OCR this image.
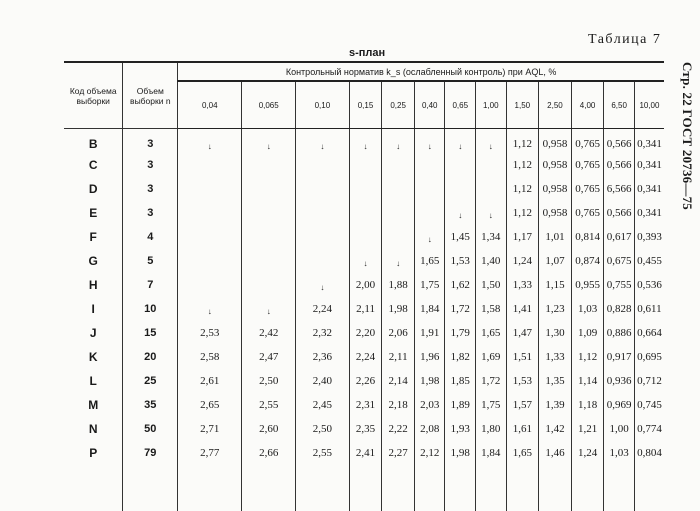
Стр. 22 ГОСТ 20736—75
Таблица 7
s-план
Код объема выборки	Объем выборки n	Контрольный норматив k_s (ослабленный контроль) при AQL, %												
		0,04	0,065	0,10	0,15	0,25	0,40	0,65	1,00	1,50	2,50	4,00	6,50	10,00
B	3	↓	↓	↓	↓	↓	↓	↓	↓	1,12	0,958	0,765	0,566	0,341
C	3									1,12	0,958	0,765	0,566	0,341
D	3									1,12	0,958	0,765	6,566	0,341
E	3							↓	↓	1,12	0,958	0,765	0,566	0,341
F	4						↓	1,45	1,34	1,17	1,01	0,814	0,617	0,393
G	5				↓	↓	1,65	1,53	1,40	1,24	1,07	0,874	0,675	0,455
H	7			↓	2,00	1,88	1,75	1,62	1,50	1,33	1,15	0,955	0,755	0,536
I	10	↓	↓	2,24	2,11	1,98	1,84	1,72	1,58	1,41	1,23	1,03	0,828	0,611
J	15	2,53	2,42	2,32	2,20	2,06	1,91	1,79	1,65	1,47	1,30	1,09	0,886	0,664
K	20	2,58	2,47	2,36	2,24	2,11	1,96	1,82	1,69	1,51	1,33	1,12	0,917	0,695
L	25	2,61	2,50	2,40	2,26	2,14	1,98	1,85	1,72	1,53	1,35	1,14	0,936	0,712
M	35	2,65	2,55	2,45	2,31	2,18	2,03	1,89	1,75	1,57	1,39	1,18	0,969	0,745
N	50	2,71	2,60	2,50	2,35	2,22	2,08	1,93	1,80	1,61	1,42	1,21	1,00	0,774
P	79	2,77	2,66	2,55	2,41	2,27	2,12	1,98	1,84	1,65	1,46	1,24	1,03	0,804
